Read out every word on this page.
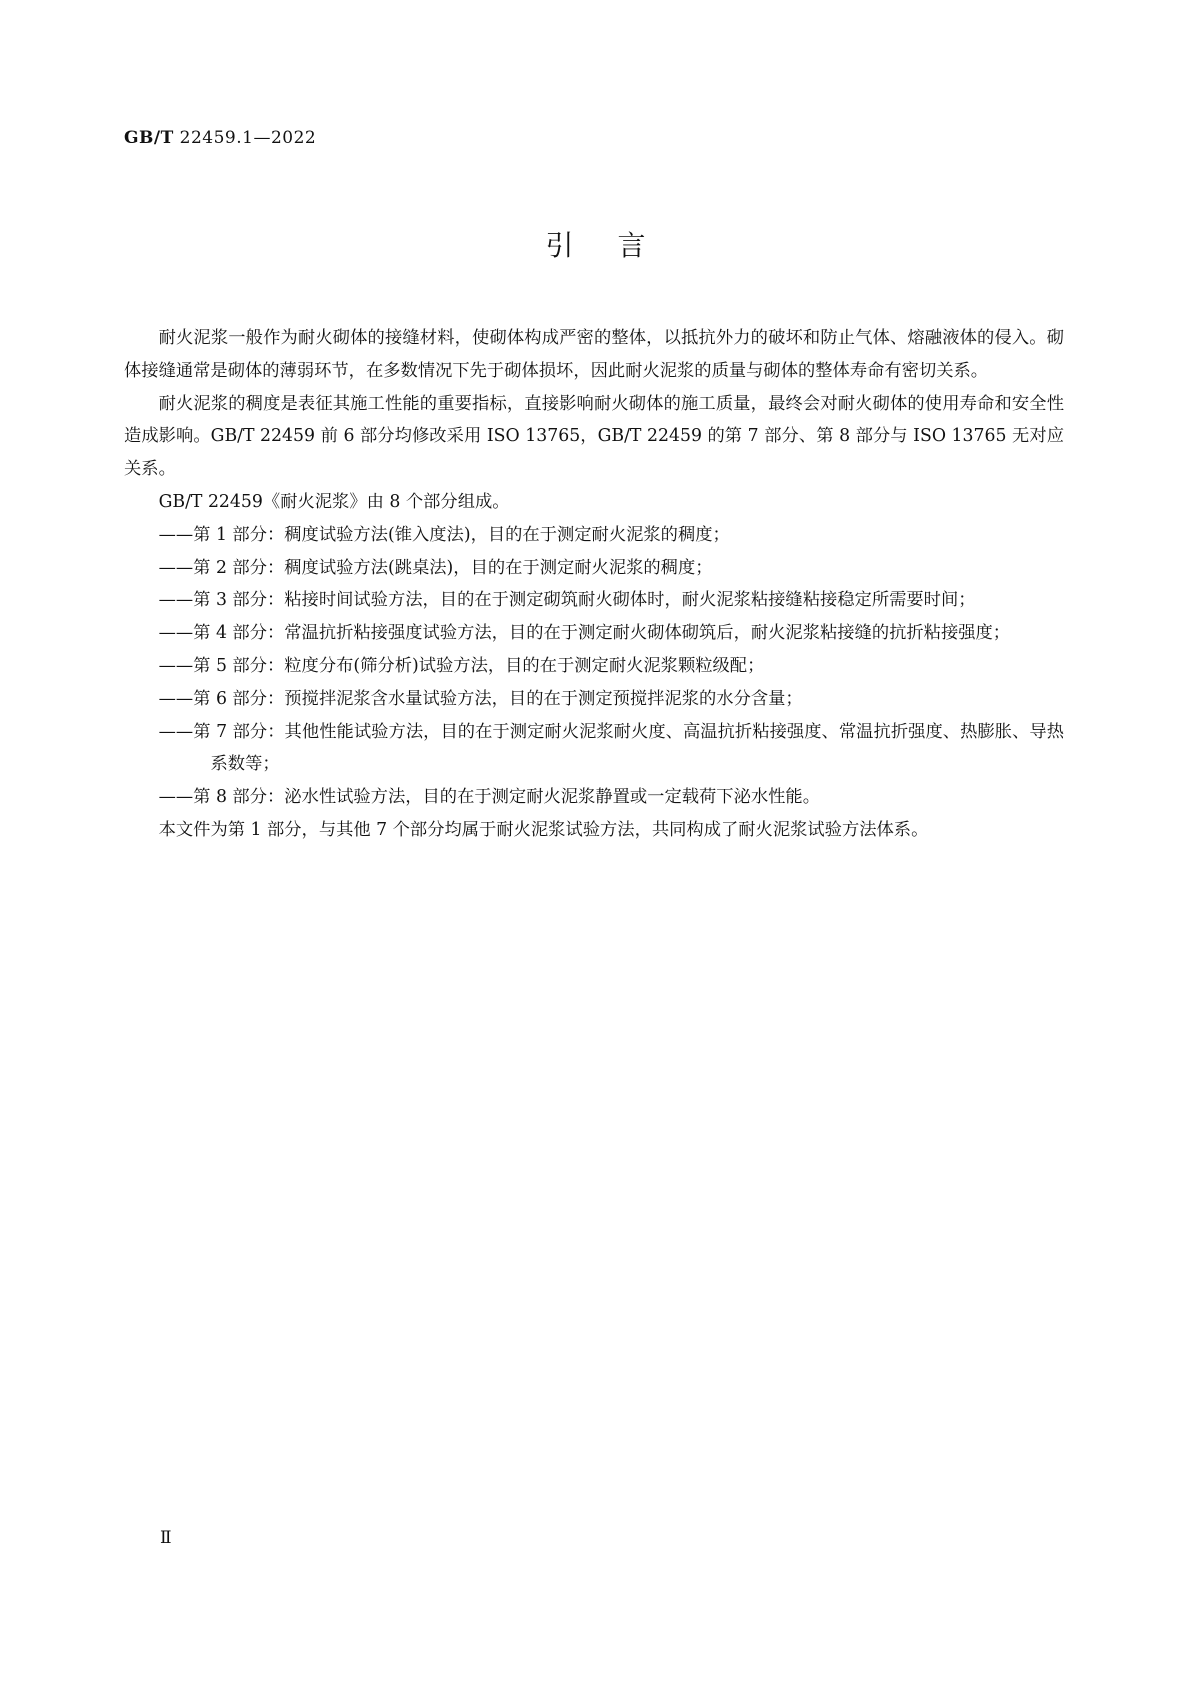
GB/T 22459.1—2022
引言

耐火泥浆一般作为耐火砌体的接缝材料，使砌体构成严密的整体，以抵抗外力的破坏和防止气体、熔融液体的侵入。砌体接缝通常是砌体的薄弱环节，在多数情况下先于砌体损坏，因此耐火泥浆的质量与砌体的整体寿命有密切关系。

耐火泥浆的稠度是表征其施工性能的重要指标，直接影响耐火砌体的施工质量，最终会对耐火砌体的使用寿命和安全性造成影响。GB/T 22459 前 6 部分均修改采用 ISO 13765，GB/T 22459 的第 7 部分、第 8 部分与 ISO 13765 无对应关系。

GB/T 22459《耐火泥浆》由 8 个部分组成。

——第 1 部分：稠度试验方法(锥入度法)，目的在于测定耐火泥浆的稠度；
——第 2 部分：稠度试验方法(跳桌法)，目的在于测定耐火泥浆的稠度；
——第 3 部分：粘接时间试验方法，目的在于测定砌筑耐火砌体时，耐火泥浆粘接缝粘接稳定所需要时间；
——第 4 部分：常温抗折粘接强度试验方法，目的在于测定耐火砌体砌筑后，耐火泥浆粘接缝的抗折粘接强度；
——第 5 部分：粒度分布(筛分析)试验方法，目的在于测定耐火泥浆颗粒级配；
——第 6 部分：预搅拌泥浆含水量试验方法，目的在于测定预搅拌泥浆的水分含量；
——第 7 部分：其他性能试验方法，目的在于测定耐火泥浆耐火度、高温抗折粘接强度、常温抗折强度、热膨胀、导热系数等；
——第 8 部分：泌水性试验方法，目的在于测定耐火泥浆静置或一定载荷下泌水性能。

本文件为第 1 部分，与其他 7 个部分均属于耐火泥浆试验方法，共同构成了耐火泥浆试验方法体系。

Ⅱ
